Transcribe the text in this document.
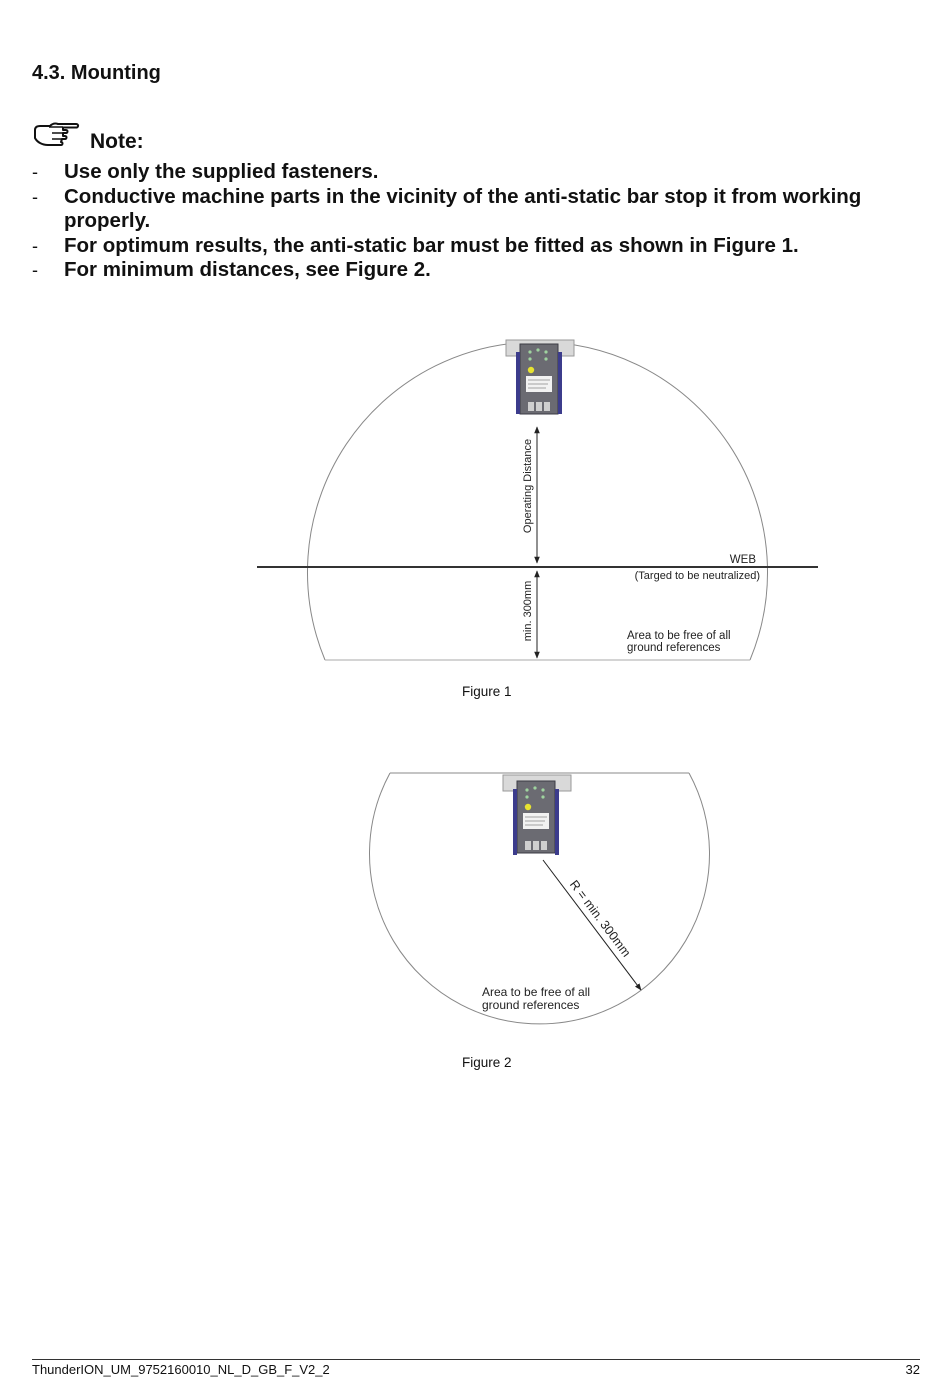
4.3. Mounting
Note:
- Use only the supplied fasteners.
- Conductive machine parts in the vicinity of the anti-static bar stop it from working properly.
- For optimum results, the anti-static bar must be fitted as shown in Figure 1.
- For minimum distances, see Figure 2.
Operating Distance
min. 300mm
WEB
(Targed to be neutralized)
Area to be free of all
ground references
Figure 1
R = min. 300mm
Area to be free of all
ground references
Figure 2
ThunderION_UM_9752160010_NL_D_GB_F_V2_2	32
